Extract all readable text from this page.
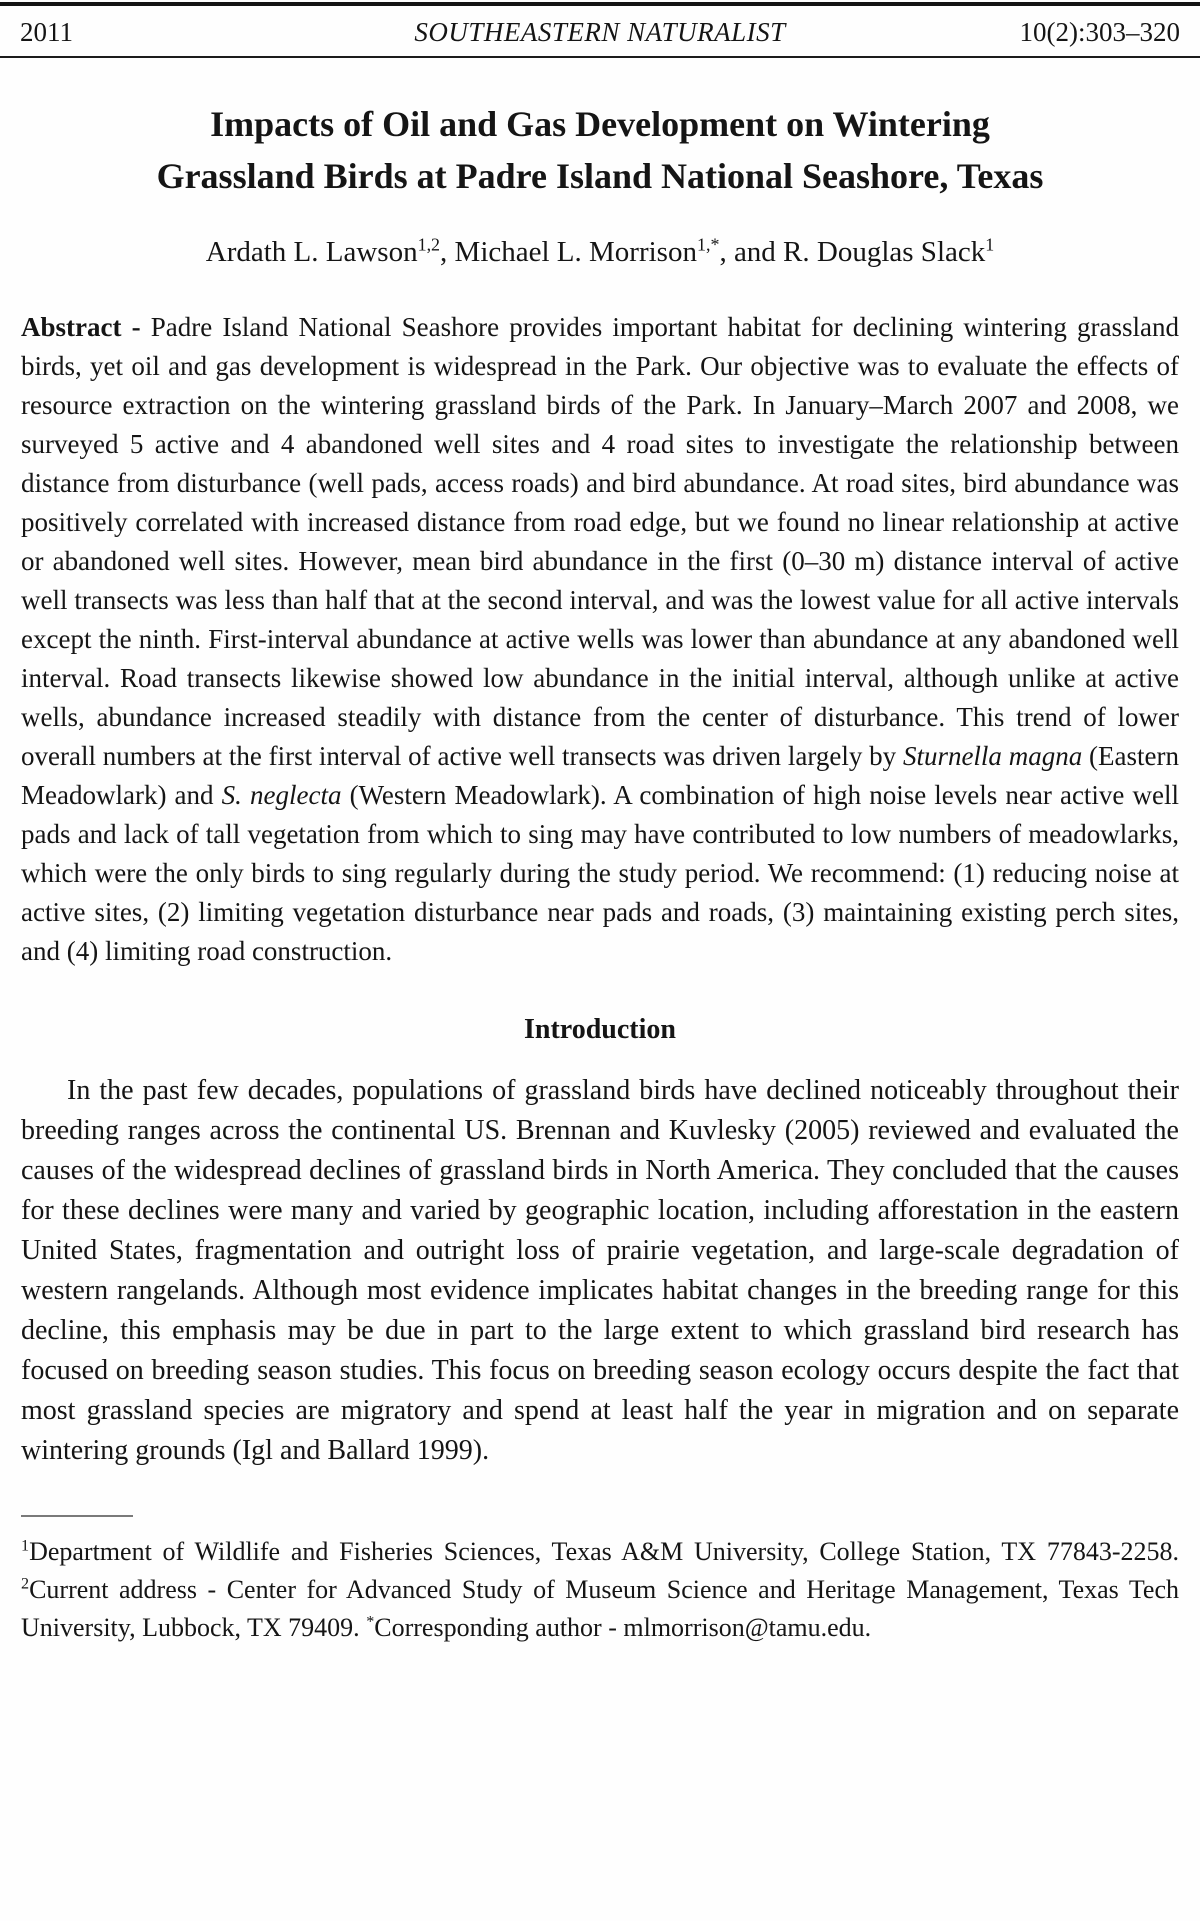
2011	SOUTHEASTERN NATURALIST	10(2):303–320
Impacts of Oil and Gas Development on Wintering
Grassland Birds at Padre Island National Seashore, Texas
Ardath L. Lawson$^{1,2}$, Michael L. Morrison$^{1,*}$, and R. Douglas Slack$^1$

Abstract - Padre Island National Seashore provides important habitat for declining wintering grassland birds, yet oil and gas development is widespread in the Park. Our objective was to evaluate the effects of resource extraction on the wintering grassland birds of the Park. In January–March 2007 and 2008, we surveyed 5 active and 4 abandoned well sites and 4 road sites to investigate the relationship between distance from disturbance (well pads, access roads) and bird abundance. At road sites, bird abundance was positively correlated with increased distance from road edge, but we found no linear relationship at active or abandoned well sites. However, mean bird abundance in the first (0–30 m) distance interval of active well transects was less than half that at the second interval, and was the lowest value for all active intervals except the ninth. First-interval abundance at active wells was lower than abundance at any abandoned well interval. Road transects likewise showed low abundance in the initial interval, although unlike at active wells, abundance increased steadily with distance from the center of disturbance. This trend of lower overall numbers at the first interval of active well transects was driven largely by Sturnella magna (Eastern Meadowlark) and S. neglecta (Western Meadowlark). A combination of high noise levels near active well pads and lack of tall vegetation from which to sing may have contributed to low numbers of meadowlarks, which were the only birds to sing regularly during the study period. We recommend: (1) reducing noise at active sites, (2) limiting vegetation disturbance near pads and roads, (3) maintaining existing perch sites, and (4) limiting road construction.

Introduction

In the past few decades, populations of grassland birds have declined noticeably throughout their breeding ranges across the continental US. Brennan and Kuvlesky (2005) reviewed and evaluated the causes of the widespread declines of grassland birds in North America. They concluded that the causes for these declines were many and varied by geographic location, including afforestation in the eastern United States, fragmentation and outright loss of prairie vegetation, and large-scale degradation of western rangelands. Although most evidence implicates habitat changes in the breeding range for this decline, this emphasis may be due in part to the large extent to which grassland bird research has focused on breeding season studies. This focus on breeding season ecology occurs despite the fact that most grassland species are migratory and spend at least half the year in migration and on separate wintering grounds (Igl and Ballard 1999).

$^1$Department of Wildlife and Fisheries Sciences, Texas A&M University, College Station, TX 77843-2258. $^2$Current address - Center for Advanced Study of Museum Science and Heritage Management, Texas Tech University, Lubbock, TX 79409. *Corresponding author - mlmorrison@tamu.edu.
